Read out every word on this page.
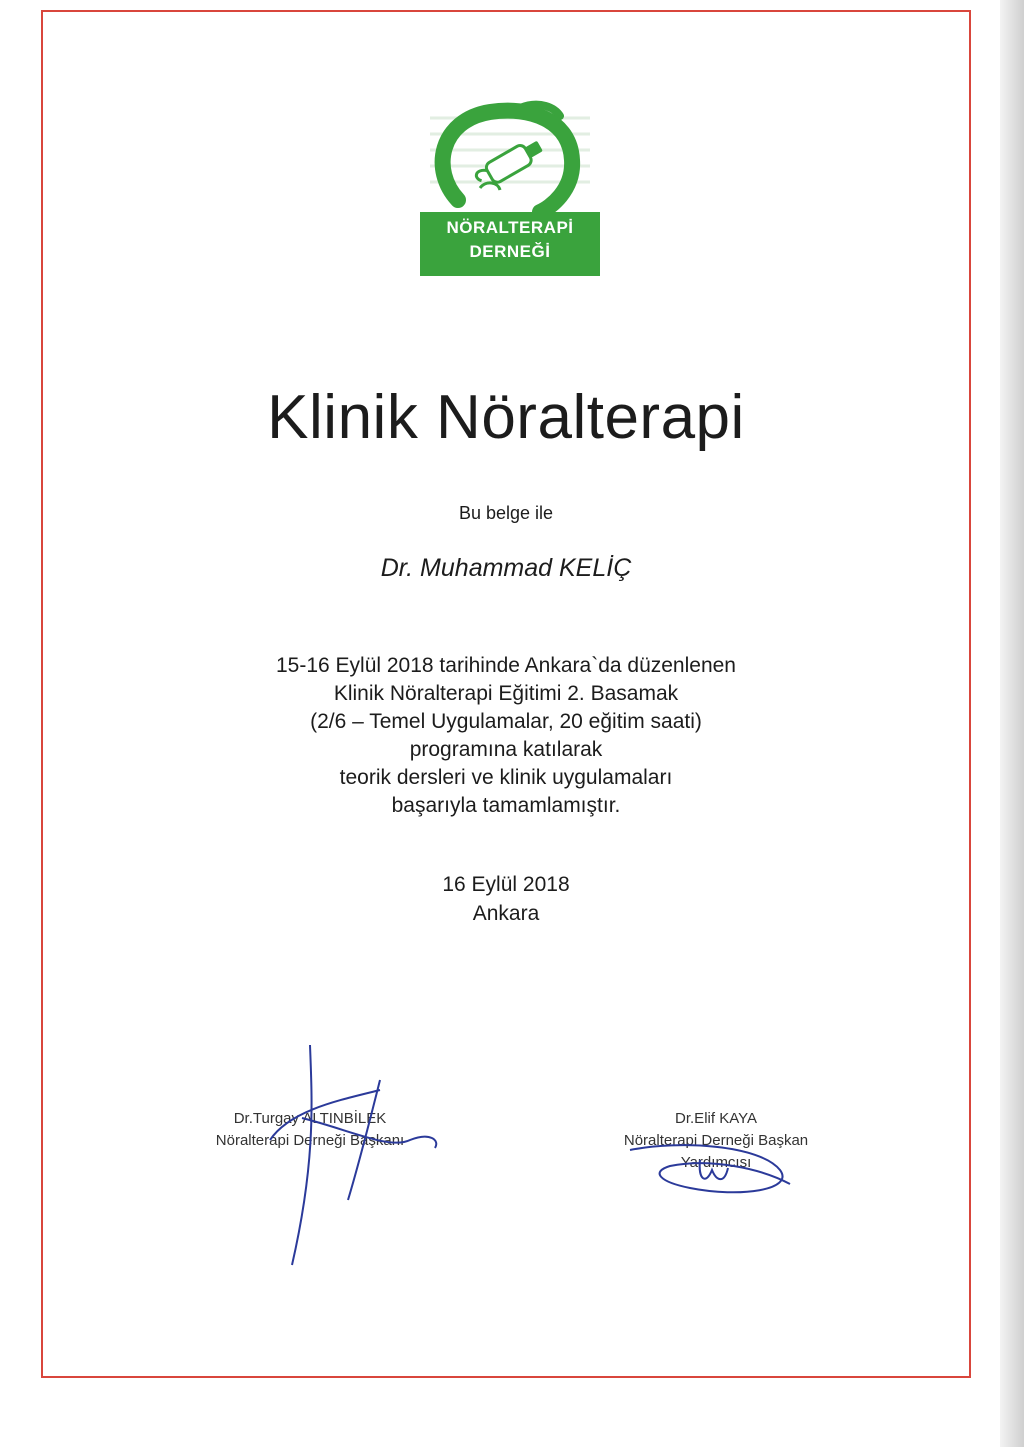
NÖRALTERAPİ
DERNEĞİ
Klinik Nöralterapi
Bu belge ile
Dr. Muhammad KELİÇ
15-16 Eylül 2018 tarihinde Ankara`da düzenlenen
Klinik Nöralterapi Eğitimi 2. Basamak
(2/6 – Temel Uygulamalar, 20 eğitim saati)
programına katılarak
teorik dersleri ve klinik uygulamaları
başarıyla tamamlamıştır.
16 Eylül 2018
Ankara
Dr.Turgay ALTINBİLEK
Nöralterapi Derneği Başkanı
Dr.Elif KAYA
Nöralterapi Derneği Başkan
Yardımcısı
